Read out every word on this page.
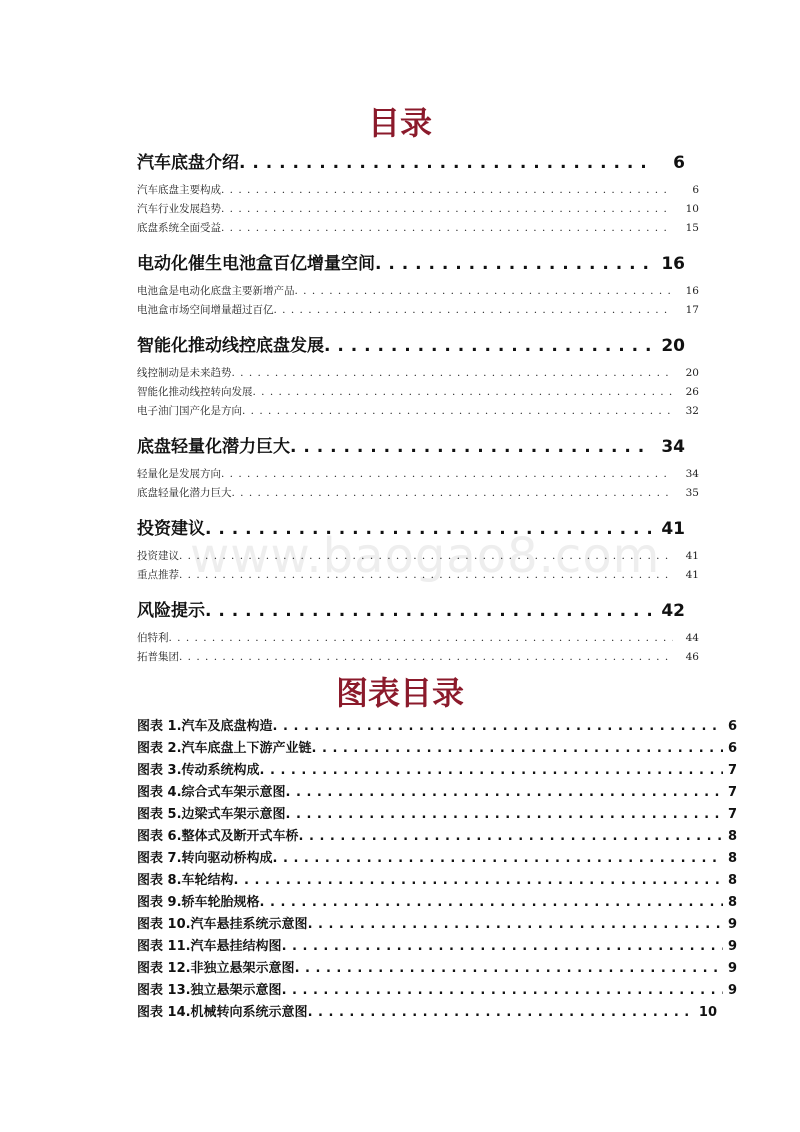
www.baogao8.com
目录
汽车底盘介绍 . . .	6
汽车底盘主要构成 . . .	6
汽车行业发展趋势 . . .	10
底盘系统全面受益 . . .	15
电动化催生电池盒百亿增量空间 . . .	16
电池盒是电动化底盘主要新增产品 . . .	16
电池盒市场空间增量超过百亿 . . .	17
智能化推动线控底盘发展 . . .	20
线控制动是未来趋势 . . .	20
智能化推动线控转向发展 . . .	26
电子油门国产化是方向 . . .	32
底盘轻量化潜力巨大 . . .	34
轻量化是发展方向 . . .	34
底盘轻量化潜力巨大 . . .	35
投资建议 . . .	41
投资建议 . . .	41
重点推荐 . . .	41
风险提示 . . .	42
伯特利 . . .	44
拓普集团 . . .	46
图表目录
图表 1.汽车及底盘构造 . . .	6
图表 2.汽车底盘上下游产业链 . . .	6
图表 3.传动系统构成 . . .	7
图表 4.综合式车架示意图 . . .	7
图表 5.边梁式车架示意图 . . .	7
图表 6.整体式及断开式车桥 . . .	8
图表 7.转向驱动桥构成 . . .	8
图表 8.车轮结构 . . .	8
图表 9.轿车轮胎规格 . . .	8
图表 10.汽车悬挂系统示意图 . . .	9
图表 11.汽车悬挂结构图 . . .	9
图表 12.非独立悬架示意图 . . .	9
图表 13.独立悬架示意图 . . .	9
图表 14.机械转向系统示意图 . . .	10
